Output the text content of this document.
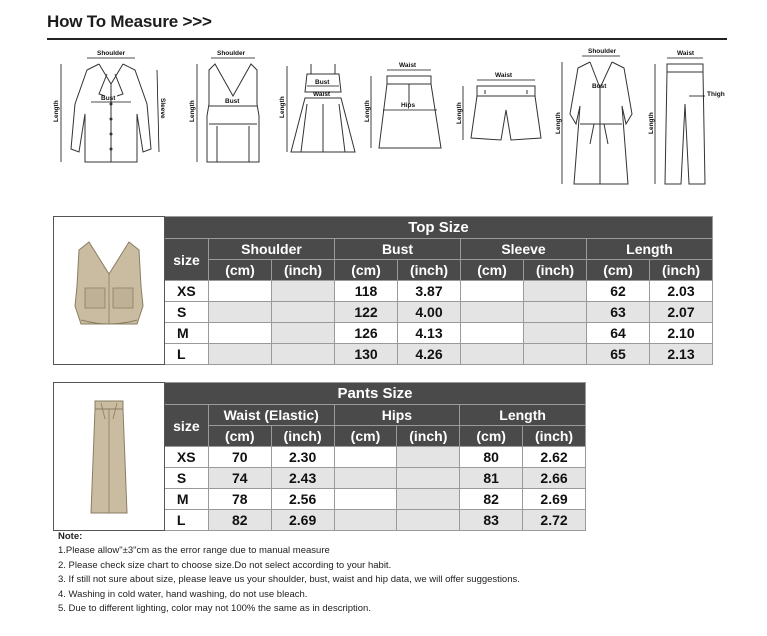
How To Measure >>>
Shoulder
Bust
Length	Sleeve
Shoulder
Bust
Length	Length
Bust
Waist
Waist
Hips
Length
Waist
Length
Shoulder
Bust
Length
Waist
Thigh
Length
	Top Size								
	size	Shoulder		Bust		Sleeve		Length	
		(cm)	(inch)	(cm)	(inch)	(cm)	(inch)	(cm)	(inch)
	XS			118	3.87			62	2.03
	S			122	4.00			63	2.07
	M			126	4.13			64	2.10
	L			130	4.26			65	2.13
	Pants Size						
	size	Waist (Elastic)		Hips		Length	
		(cm)	(inch)	(cm)	(inch)	(cm)	(inch)
	XS	70	2.30			80	2.62
	S	74	2.43			81	2.66
	M	78	2.56			82	2.69
	L	82	2.69			83	2.72
Note:
1.Please allow"±3"cm as the error range due to manual measure
2. Please check size chart to choose size.Do not select according to your habit.
3. If still not sure about size, please leave us your shoulder, bust, waist and hip data, we will offer suggestions.
4. Washing in cold water, hand washing, do not use bleach.
5. Due to different lighting, color may not 100% the same as in description.
